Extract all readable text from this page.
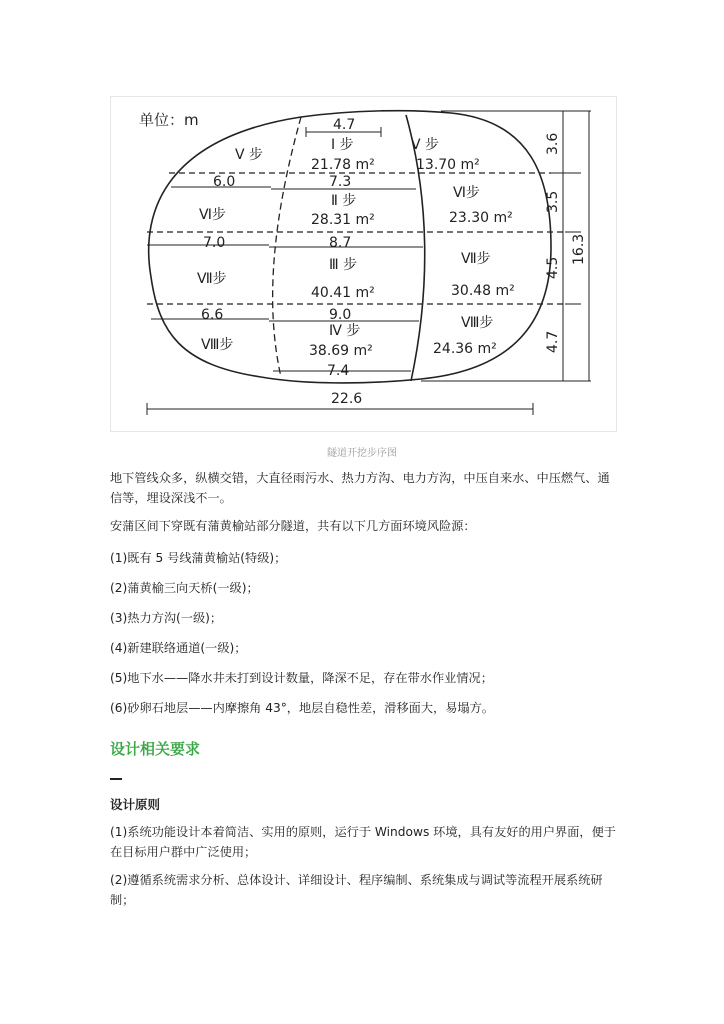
单位：m	4.7
Ⅰ 步
21.78 m²
Ⅴ 步
Ⅴ 步
13.70 m²
6.0	7.3
Ⅱ 步
28.31 m²
Ⅵ步
Ⅵ步
23.30 m²
7.0	8.7
Ⅲ 步
40.41 m²
Ⅶ步
Ⅶ步
30.48 m²
6.6	9.0
Ⅳ 步
38.69 m²
Ⅷ步
Ⅷ步
24.36 m²
7.4
22.6
3.6
3.5
4.5
4.7
16.3
隧道开挖步序图

地下管线众多，纵横交错，大直径雨污水、热力方沟、电力方沟，中压自来水、中压燃气、通信等，埋设深浅不一。

安蒲区间下穿既有蒲黄榆站部分隧道，共有以下几方面环境风险源：

(1)既有 5 号线蒲黄榆站(特级)；

(2)蒲黄榆三向天桥(一级)；

(3)热力方沟(一级)；

(4)新建联络通道(一级)；

(5)地下水——降水井未打到设计数量，降深不足，存在带水作业情况；

(6)砂卵石地层——内摩擦角 43°，地层自稳性差，滑移面大，易塌方。

设计相关要求
设计原则

(1)系统功能设计本着简洁、实用的原则，运行于 Windows 环境，具有友好的用户界面，便于在目标用户群中广泛使用；

(2)遵循系统需求分析、总体设计、详细设计、程序编制、系统集成与调试等流程开展系统研制；
